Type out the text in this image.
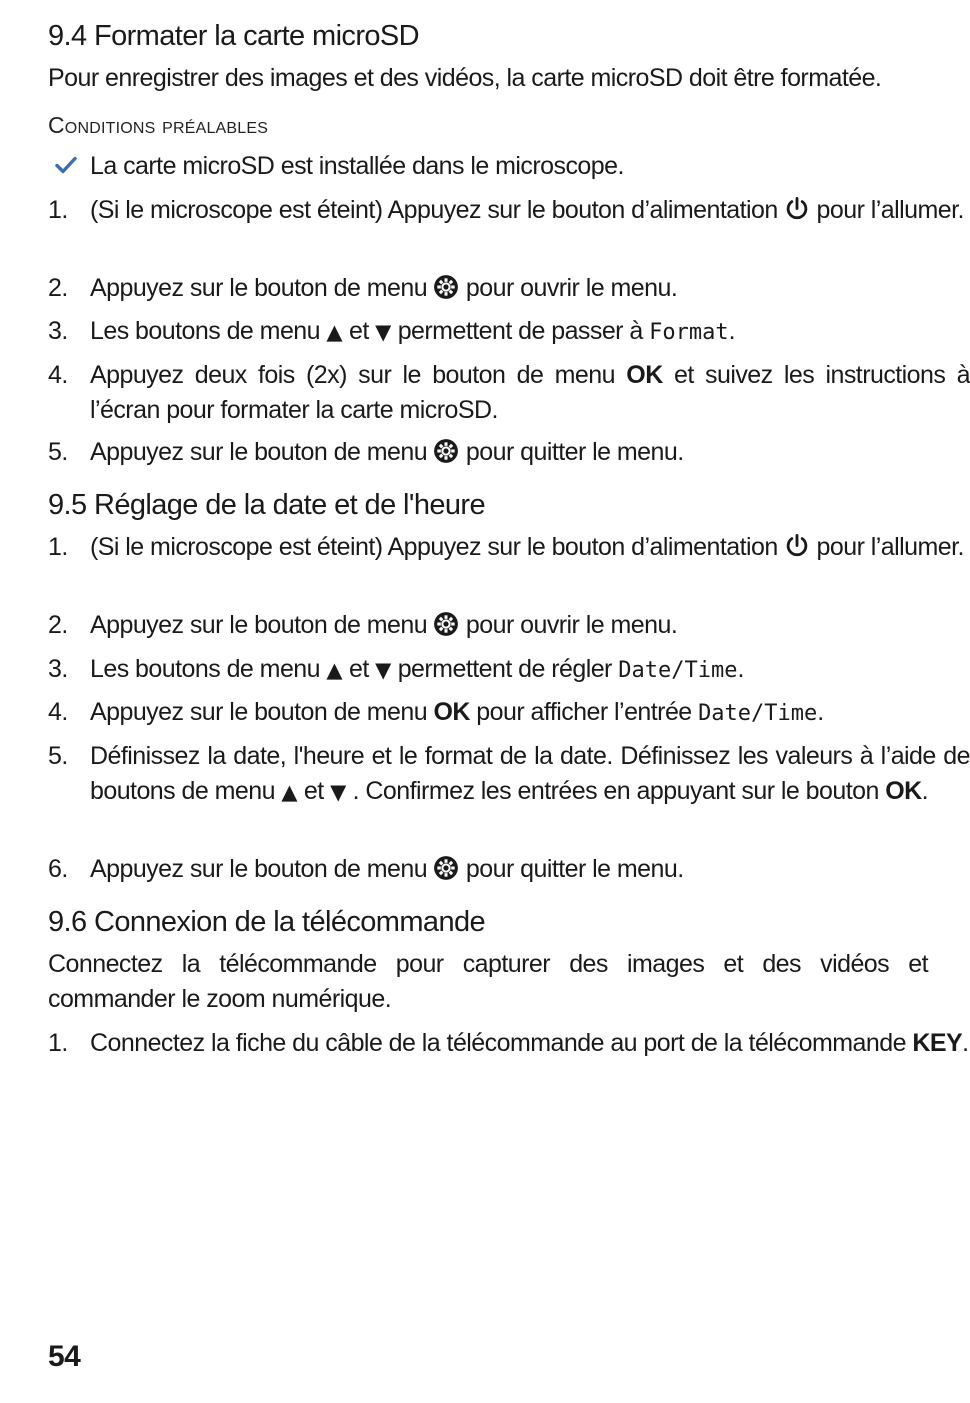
9.4 Formater la carte microSD

Pour enregistrer des images et des vidéos, la carte microSD doit être formatée.

Conditions préalables

La carte microSD est installée dans le microscope.
1. (Si le microscope est éteint) Appuyez sur le bouton d’alimentation pour l’allumer.
2. Appuyez sur le bouton de menu pour ouvrir le menu.
3. Les boutons de menu ▲ et ▼ permettent de passer à Format.
4. Appuyez deux fois (2x) sur le bouton de menu OK et suivez les instructions à l’écran pour formater la carte microSD.
5. Appuyez sur le bouton de menu pour quitter le menu.
9.5 Réglage de la date et de l'heure
1. (Si le microscope est éteint) Appuyez sur le bouton d’alimentation pour l’allumer.
2. Appuyez sur le bouton de menu pour ouvrir le menu.
3. Les boutons de menu ▲ et ▼ permettent de régler Date/Time.
4. Appuyez sur le bouton de menu OK pour afficher l’entrée Date/Time.
5. Définissez la date, l'heure et le format de la date. Définissez les valeurs à l’aide de boutons de menu ▲ et ▼ . Confirmez les entrées en appuyant sur le bouton OK.
6. Appuyez sur le bouton de menu pour quitter le menu.
9.6 Connexion de la télécommande

Connectez la télécommande pour capturer des images et des vidéos et commander le zoom numérique.

1. Connectez la fiche du câble de la télécommande au port de la télécommande KEY.
54
